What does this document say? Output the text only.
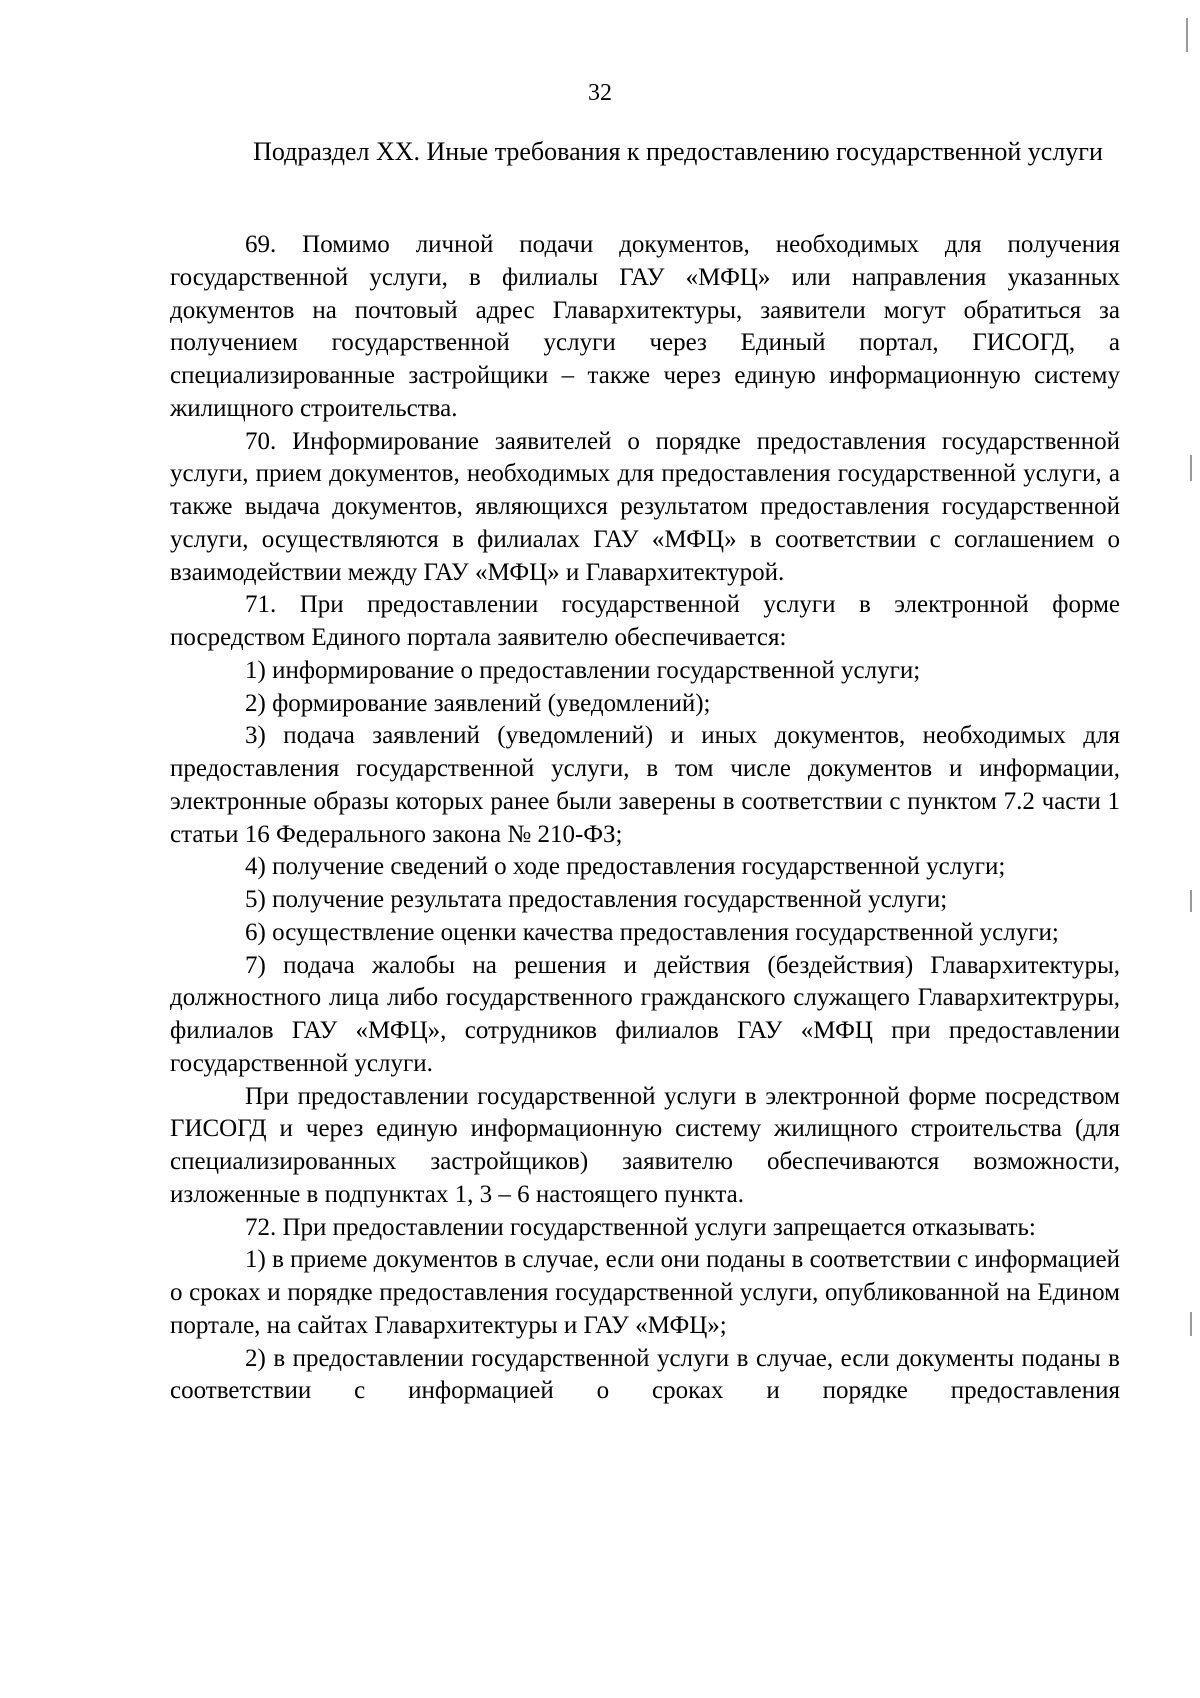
32
Подраздел XX. Иные требования к предоставлению государственной услуги

69. Помимо личной подачи документов, необходимых для получения государственной услуги, в филиалы ГАУ «МФЦ» или направления указанных документов на почтовый адрес Главархитектуры, заявители могут обратиться за получением государственной услуги через Единый портал, ГИСОГД, а специализированные застройщики – также через единую информационную систему жилищного строительства.

70. Информирование заявителей о порядке предоставления государственной услуги, прием документов, необходимых для предоставления государственной услуги, а также выдача документов, являющихся результатом предоставления государственной услуги, осуществляются в филиалах ГАУ «МФЦ» в соответствии с соглашением о взаимодействии между ГАУ «МФЦ» и Главархитектурой.

71. При предоставлении государственной услуги в электронной форме посредством Единого портала заявителю обеспечивается:

1) информирование о предоставлении государственной услуги;

2) формирование заявлений (уведомлений);

3) подача заявлений (уведомлений) и иных документов, необходимых для предоставления государственной услуги, в том числе документов и информации, электронные образы которых ранее были заверены в соответствии с пунктом 7.2 части 1 статьи 16 Федерального закона № 210-ФЗ;

4) получение сведений о ходе предоставления государственной услуги;

5) получение результата предоставления государственной услуги;

6) осуществление оценки качества предоставления государственной услуги;

7) подача жалобы на решения и действия (бездействия) Главархитектуры, должностного лица либо государственного гражданского служащего Главархитектруры, филиалов ГАУ «МФЦ», сотрудников филиалов ГАУ «МФЦ при предоставлении государственной услуги.

При предоставлении государственной услуги в электронной форме посредством ГИСОГД и через единую информационную систему жилищного строительства (для специализированных застройщиков) заявителю обеспечиваются возможности, изложенные в подпунктах 1, 3 – 6 настоящего пункта.

72. При предоставлении государственной услуги запрещается отказывать:

1) в приеме документов в случае, если они поданы в соответствии с информацией о сроках и порядке предоставления государственной услуги, опубликованной на Едином портале, на сайтах Главархитектуры и ГАУ «МФЦ»;

2) в предоставлении государственной услуги в случае, если документы поданы в соответствии с информацией о сроках и порядке предоставления
